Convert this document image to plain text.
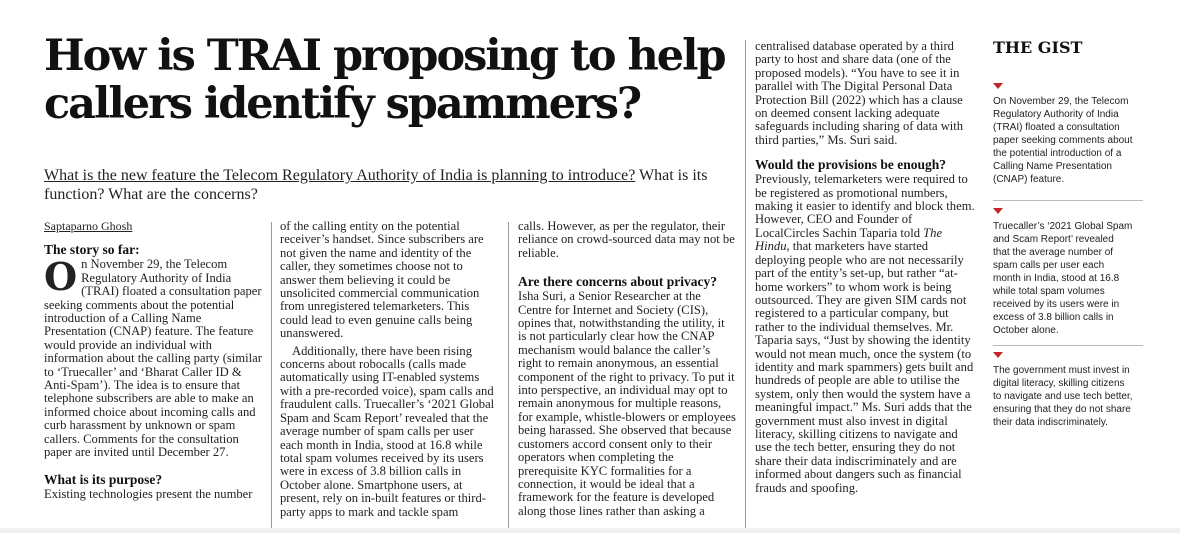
How is TRAI proposing to help callers identify spammers?

What is the new feature the Telecom Regulatory Authority of India is planning to introduce? What is its function? What are the concerns?

Saptaparno Ghosh

The story so far:

On November 29, the Telecom Regulatory Authority of India (TRAI) floated a consultation paper seeking comments about the potential introduction of a Calling Name Presentation (CNAP) feature. The feature would provide an individual with information about the calling party (similar to ‘Truecaller’ and ‘Bharat Caller ID & Anti-Spam’). The idea is to ensure that telephone subscribers are able to make an informed choice about incoming calls and curb harassment by unknown or spam callers. Comments for the consultation paper are invited until December 27.

What is its purpose?

Existing technologies present the number

of the calling entity on the potential receiver’s handset. Since subscribers are not given the name and identity of the caller, they sometimes choose not to answer them believing it could be unsolicited commercial communication from unregistered telemarketers. This could lead to even genuine calls being unanswered.

Additionally, there have been rising concerns about robocalls (calls made automatically using IT-enabled systems with a pre-recorded voice), spam calls and fraudulent calls. Truecaller’s ‘2021 Global Spam and Scam Report’ revealed that the average number of spam calls per user each month in India, stood at 16.8 while total spam volumes received by its users were in excess of 3.8 billion calls in October alone. Smartphone users, at present, rely on in-built features or third-party apps to mark and tackle spam

calls. However, as per the regulator, their reliance on crowd-sourced data may not be reliable.

Are there concerns about privacy?

Isha Suri, a Senior Researcher at the Centre for Internet and Society (CIS), opines that, notwithstanding the utility, it is not particularly clear how the CNAP mechanism would balance the caller’s right to remain anonymous, an essential component of the right to privacy. To put it into perspective, an individual may opt to remain anonymous for multiple reasons, for example, whistle-blowers or employees being harassed. She observed that because customers accord consent only to their operators when completing the prerequisite KYC formalities for a connection, it would be ideal that a framework for the feature is developed along those lines rather than asking a

centralised database operated by a third party to host and share data (one of the proposed models). “You have to see it in parallel with The Digital Personal Data Protection Bill (2022) which has a clause on deemed consent lacking adequate safeguards including sharing of data with third parties,” Ms. Suri said.

Would the provisions be enough?

Previously, telemarketers were required to be registered as promotional numbers, making it easier to identify and block them. However, CEO and Founder of LocalCircles Sachin Taparia told The Hindu, that marketers have started deploying people who are not necessarily part of the entity’s set-up, but rather “at-home workers” to whom work is being outsourced. They are given SIM cards not registered to a particular company, but rather to the individual themselves. Mr. Taparia says, “Just by showing the identity would not mean much, once the system (to identity and mark spammers) gets built and hundreds of people are able to utilise the system, only then would the system have a meaningful impact.” Ms. Suri adds that the government must also invest in digital literacy, skilling citizens to navigate and use the tech better, ensuring they do not share their data indiscriminately and are informed about dangers such as financial frauds and spoofing.

THE GIST

On November 29, the Telecom Regulatory Authority of India (TRAI) floated a consultation paper seeking comments about the potential introduction of a Calling Name Presentation (CNAP) feature.

Truecaller’s ‘2021 Global Spam and Scam Report’ revealed that the average number of spam calls per user each month in India, stood at 16.8 while total spam volumes received by its users were in excess of 3.8 billion calls in October alone.

The government must invest in digital literacy, skilling citizens to navigate and use tech better, ensuring that they do not share their data indiscriminately.
